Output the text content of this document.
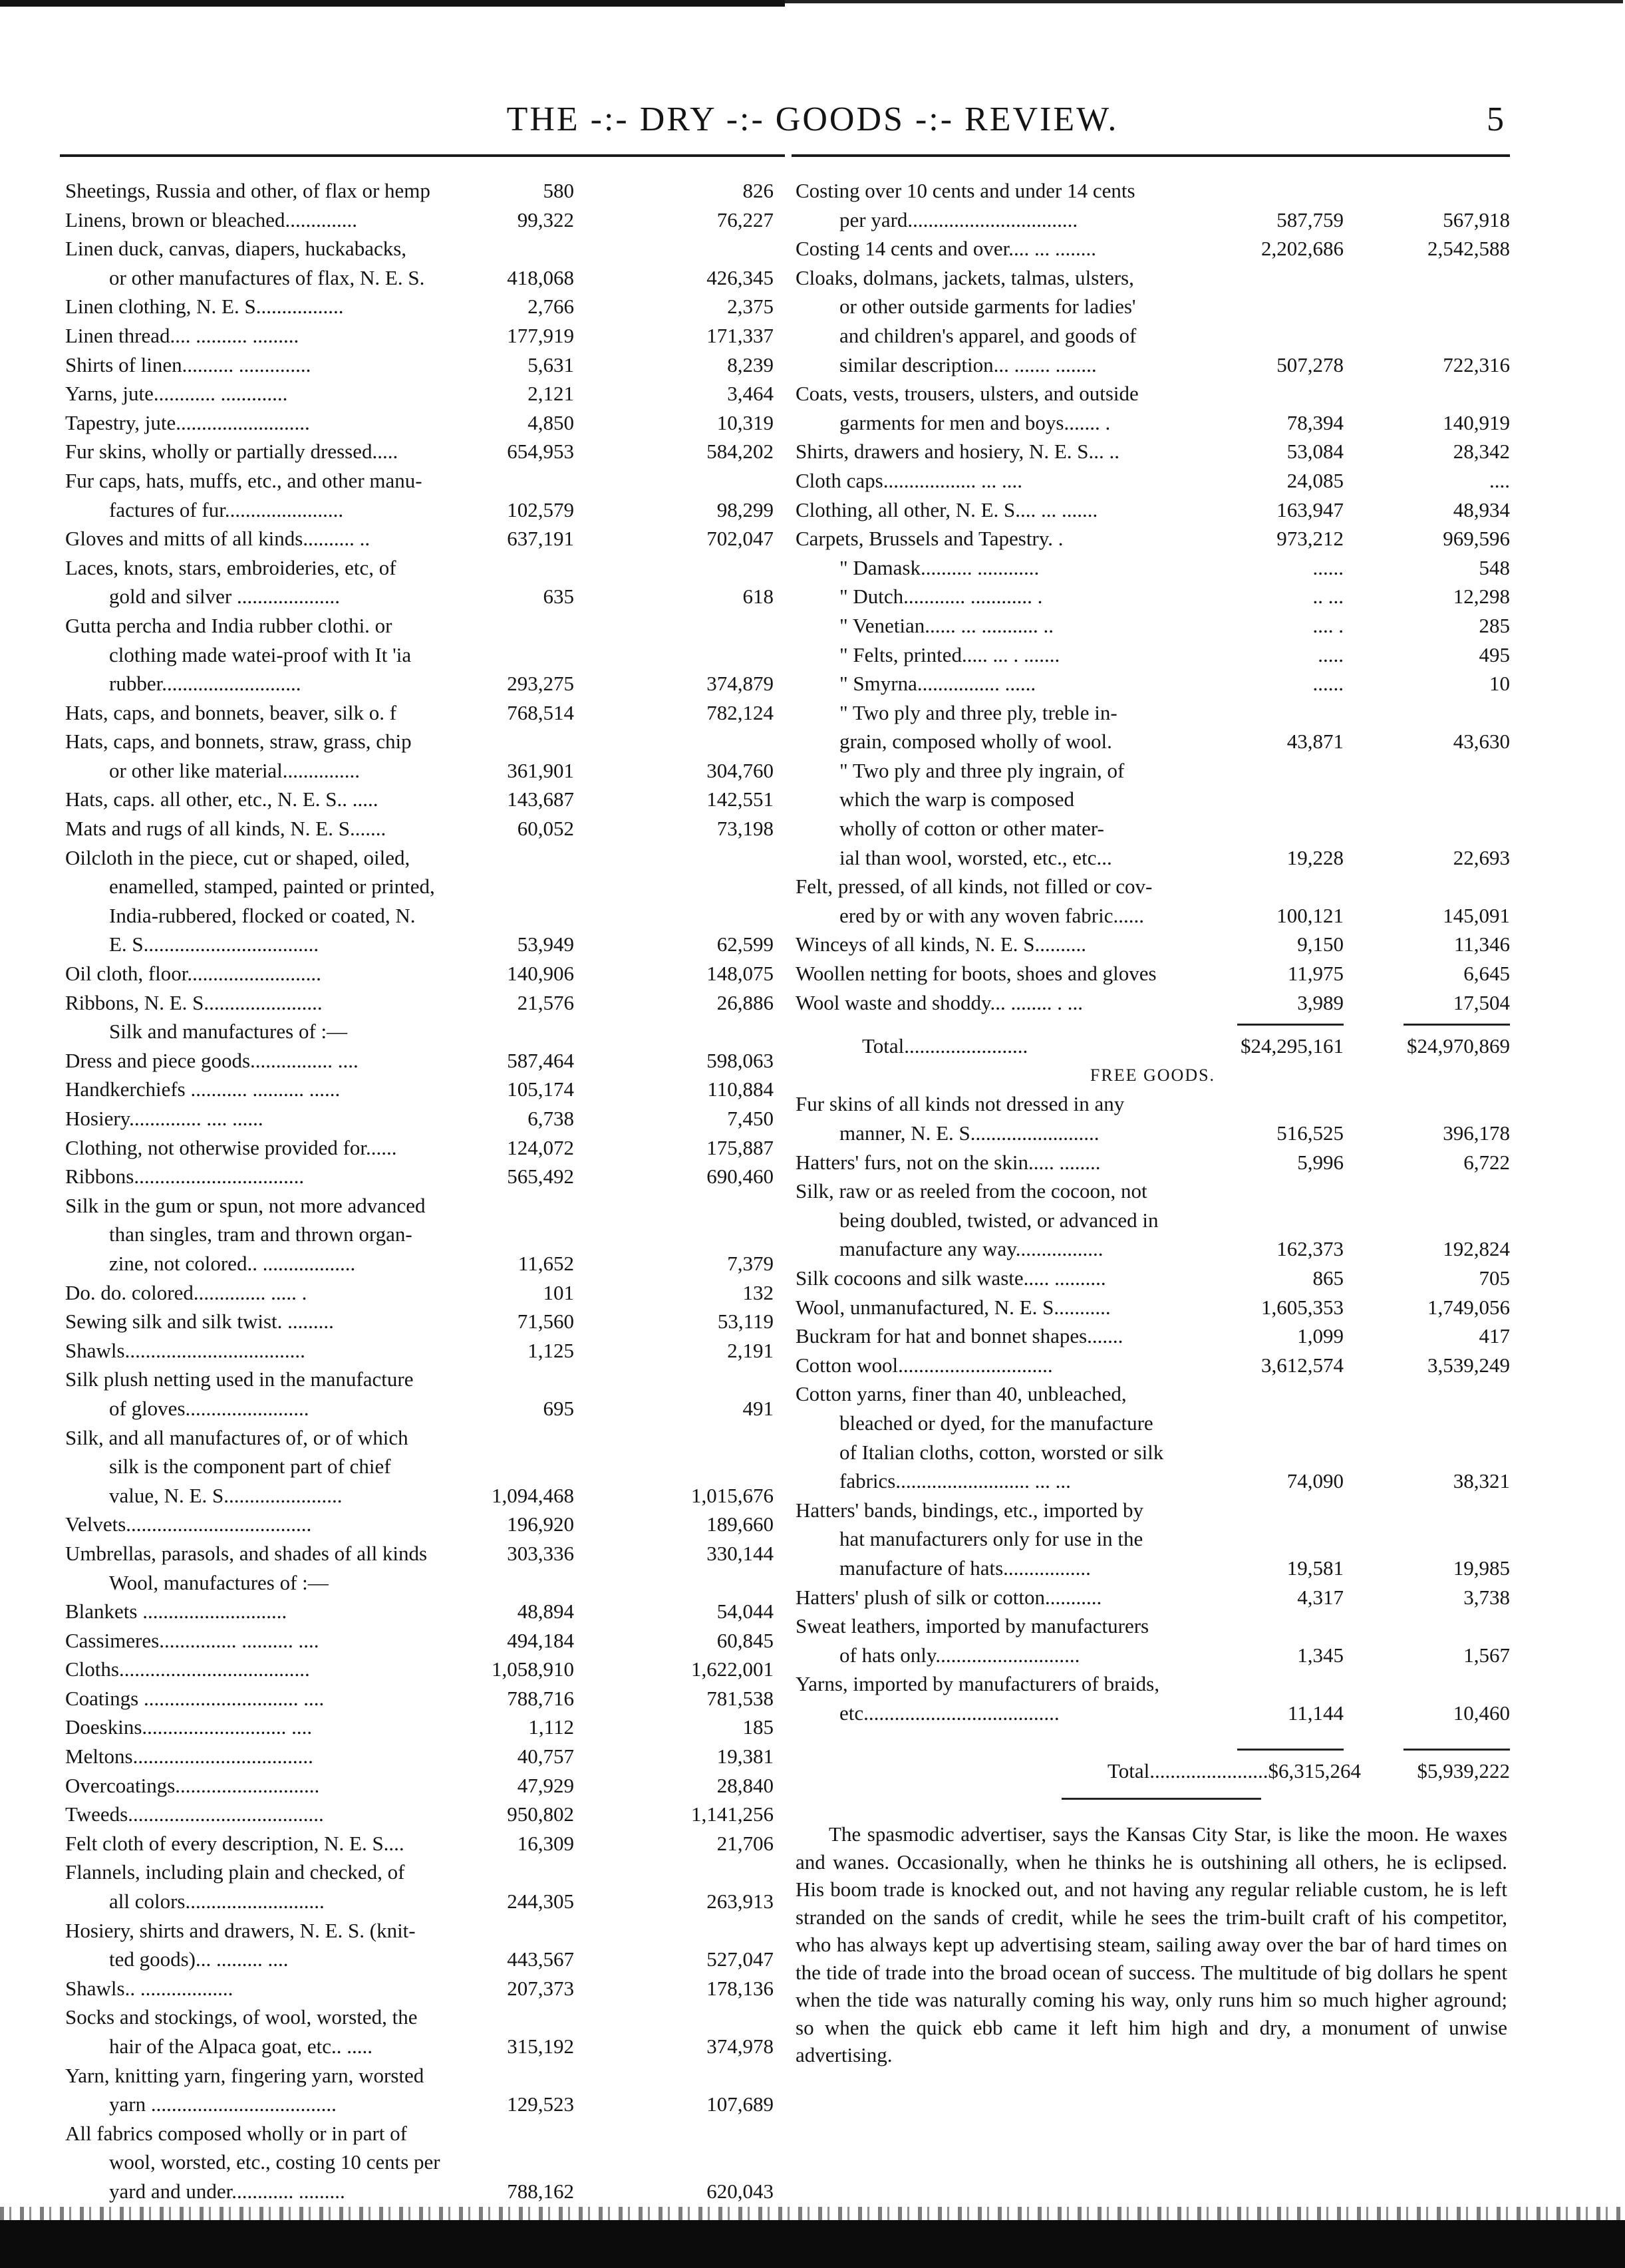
THE -:- DRY -:- GOODS -:- REVIEW.	5
Sheetings, Russia and other, of flax or hemp	580	826
Linens, brown or bleached..............	99,322	76,227
Linen duck, canvas, diapers, huckabacks,
or other manufactures of flax, N. E. S.	418,068	426,345
Linen clothing, N. E. S.................	2,766	2,375
Linen thread.... .......... .........	177,919	171,337
Shirts of linen.......... ..............	5,631	8,239
Yarns, jute............ .............	2,121	3,464
Tapestry, jute..........................	4,850	10,319
Fur skins, wholly or partially dressed.....	654,953	584,202
Fur caps, hats, muffs, etc., and other manu-
factures of fur.......................	102,579	98,299
Gloves and mitts of all kinds.......... ..	637,191	702,047
Laces, knots, stars, embroideries, etc, of
gold and silver ....................	635	618
Gutta percha and India rubber clothi. or
clothing made watei-proof with It 'ia
rubber...........................	293,275	374,879
Hats, caps, and bonnets, beaver, silk o. f	768,514	782,124
Hats, caps, and bonnets, straw, grass, chip
or other like material...............	361,901	304,760
Hats, caps. all other, etc., N. E. S.. .....	143,687	142,551
Mats and rugs of all kinds, N. E. S.......	60,052	73,198
Oilcloth in the piece, cut or shaped, oiled,
enamelled, stamped, painted or printed,
India-rubbered, flocked or coated, N.
E. S..................................	53,949	62,599
Oil cloth, floor..........................	140,906	148,075
Ribbons, N. E. S.......................	21,576	26,886
Silk and manufactures of :—
Dress and piece goods................ ....	587,464	598,063
Handkerchiefs ........... .......... ......	105,174	110,884
Hosiery.............. .... ......	6,738	7,450
Clothing, not otherwise provided for......	124,072	175,887
Ribbons.................................	565,492	690,460
Silk in the gum or spun, not more advanced
than singles, tram and thrown organ-
zine, not colored.. ..................	11,652	7,379
Do. do. colored.............. ..... .	101	132
Sewing silk and silk twist. .........	71,560	53,119
Shawls...................................	1,125	2,191
Silk plush netting used in the manufacture
of gloves........................	695	491
Silk, and all manufactures of, or of which
silk is the component part of chief
value, N. E. S.......................	1,094,468	1,015,676
Velvets....................................	196,920	189,660
Umbrellas, parasols, and shades of all kinds	303,336	330,144
Wool, manufactures of :—
Blankets ............................	48,894	54,044
Cassimeres............... .......... ....	494,184	60,845
Cloths.....................................	1,058,910	1,622,001
Coatings .............................. ....	788,716	781,538
Doeskins............................ ....	1,112	185
Meltons...................................	40,757	19,381
Overcoatings............................	47,929	28,840
Tweeds......................................	950,802	1,141,256
Felt cloth of every description, N. E. S....	16,309	21,706
Flannels, including plain and checked, of
all colors...........................	244,305	263,913
Hosiery, shirts and drawers, N. E. S. (knit-
ted goods)... ......... ....	443,567	527,047
Shawls.. ..................	207,373	178,136
Socks and stockings, of wool, worsted, the
hair of the Alpaca goat, etc.. .....	315,192	374,978
Yarn, knitting yarn, fingering yarn, worsted
yarn ....................................	129,523	107,689
All fabrics composed wholly or in part of
wool, worsted, etc., costing 10 cents per
yard and under............ .........	788,162	620,043
Costing over 10 cents and under 14 cents
per yard.................................	587,759	567,918
Costing 14 cents and over.... ... ........	2,202,686	2,542,588
Cloaks, dolmans, jackets, talmas, ulsters,
or other outside garments for ladies'
and children's apparel, and goods of
similar description... ....... ........	507,278	722,316
Coats, vests, trousers, ulsters, and outside
garments for men and boys....... .	78,394	140,919
Shirts, drawers and hosiery, N. E. S... ..	53,084	28,342
Cloth caps.................. ... ....	24,085	....
Clothing, all other, N. E. S.... ... .......	163,947	48,934
Carpets, Brussels and Tapestry. .	973,212	969,596
" Damask.......... ............	......	548
" Dutch............ ............ .	.. ...	12,298
" Venetian...... ... ........... ..	.... .	285
" Felts, printed..... ... . .......	.....	495
" Smyrna................ ......	......	10
" Two ply and three ply, treble in-
grain, composed wholly of wool.	43,871	43,630
" Two ply and three ply ingrain, of
which the warp is composed
wholly of cotton or other mater-
ial than wool, worsted, etc., etc...	19,228	22,693
Felt, pressed, of all kinds, not filled or cov-
ered by or with any woven fabric......	100,121	145,091
Winceys of all kinds, N. E. S..........	9,150	11,346
Woollen netting for boots, shoes and gloves	11,975	6,645
Wool waste and shoddy... ........ . ...	3,989	17,504
Total........................	$24,295,161	$24,970,869
FREE GOODS.
Fur skins of all kinds not dressed in any
manner, N. E. S.........................	516,525	396,178
Hatters' furs, not on the skin..... ........	5,996	6,722
Silk, raw or as reeled from the cocoon, not
being doubled, twisted, or advanced in
manufacture any way.................	162,373	192,824
Silk cocoons and silk waste..... ..........	865	705
Wool, unmanufactured, N. E. S...........	1,605,353	1,749,056
Buckram for hat and bonnet shapes.......	1,099	417
Cotton wool..............................	3,612,574	3,539,249
Cotton yarns, finer than 40, unbleached,
bleached or dyed, for the manufacture
of Italian cloths, cotton, worsted or silk
fabrics.......................... ... ...	74,090	38,321
Hatters' bands, bindings, etc., imported by
hat manufacturers only for use in the
manufacture of hats.................	19,581	19,985
Hatters' plush of silk or cotton...........	4,317	3,738
Sweat leathers, imported by manufacturers
of hats only............................	1,345	1,567
Yarns, imported by manufacturers of braids,
etc......................................	11,144	10,460
Total.......................$6,315,264	$5,939,222
The spasmodic advertiser, says the Kansas City Star, is like the moon. He waxes and wanes. Occasionally, when he thinks he is outshining all others, he is eclipsed. His boom trade is knocked out, and not having any regular reliable custom, he is left stranded on the sands of credit, while he sees the trim-built craft of his competitor, who has always kept up advertising steam, sailing away over the bar of hard times on the tide of trade into the broad ocean of success. The multitude of big dollars he spent when the tide was naturally coming his way, only runs him so much higher aground; so when the quick ebb came it left him high and dry, a monument of unwise advertising.
